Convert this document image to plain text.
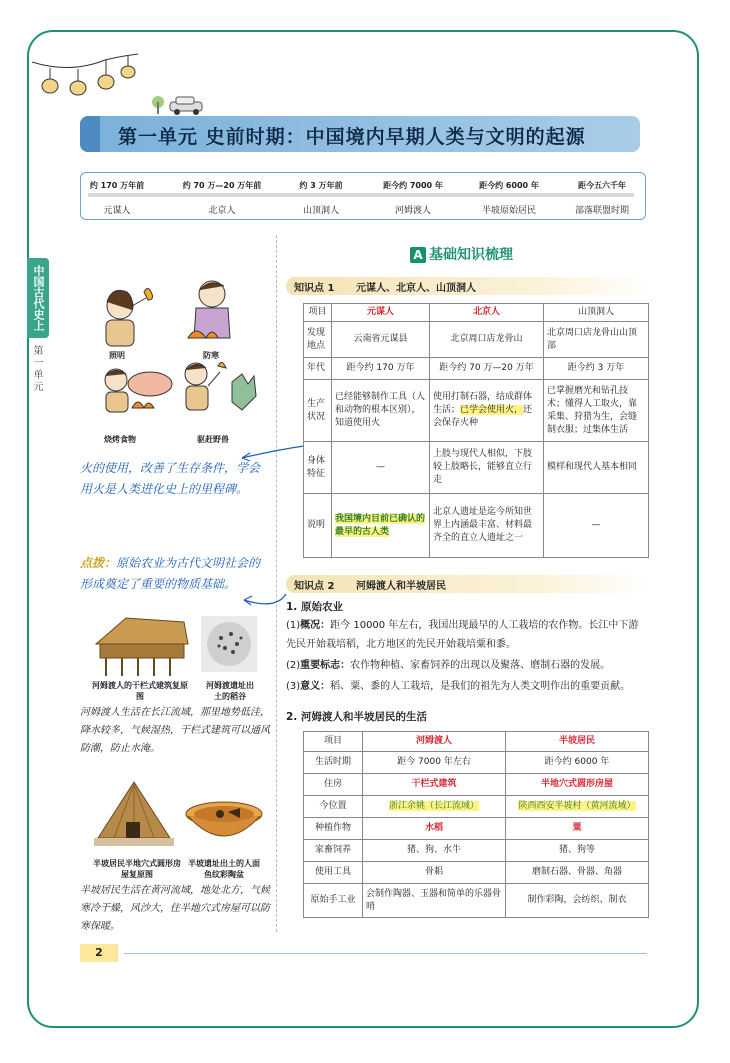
第一单元 史前时期：中国境内早期人类与文明的起源
约 170 万年前
元谋人
约 70 万—20 万年前
北京人
约 3 万年前
山顶洞人
距今约 7000 年
河姆渡人
距今约 6000 年
半坡原始居民
距今五六千年
部落联盟时期
中国古代史上
第一单元	照明	防寒
烧烤食物	驱赶野兽
火的使用，改善了生存条件，学会用火是人类进化史上的里程碑。
点拨：原始农业为古代文明社会的形成奠定了重要的物质基础。
河姆渡人的干栏式建筑复原图
河姆渡遗址出土的稻谷
河姆渡人生活在长江流域，那里地势低洼，降水较多，气候湿热，干栏式建筑可以通风防潮，防止水淹。
半坡居民半地穴式圆形房屋复原图
半坡遗址出土的人面鱼纹彩陶盆
半坡居民生活在黄河流域，地处北方，气候寒冷干燥，风沙大，住半地穴式房屋可以防寒保暖。
A 基础知识梳理
知识点 1 元谋人、北京人、山顶洞人
项目	元谋人	北京人	山顶洞人
发现地点	云南省元谋县	北京周口店龙骨山	北京周口店龙骨山山顶部
年代	距今约 170 万年	距今约 70 万—20 万年	距今约 3 万年
生产状况	已经能够制作工具（人和动物的根本区别），知道使用火	使用打制石器，结成群体生活；已学会使用火，还会保存火种	已掌握磨光和钻孔技术；懂得人工取火，靠采集、狩猎为生，会缝制衣服；过集体生活
身体特征	—	上肢与现代人相似，下肢较上肢略长，能够直立行走	模样和现代人基本相同
说明	我国境内目前已确认的最早的古人类	北京人遗址是迄今所知世界上内涵最丰富、材料最齐全的直立人遗址之一	—
知识点 2 河姆渡人和半坡居民
1. 原始农业
(1)概况：距今 10000 年左右，我国出现最早的人工栽培的农作物。长江中下游先民开始栽培稻，北方地区的先民开始栽培粟和黍。
(2)重要标志：农作物种植、家畜饲养的出现以及聚落、磨制石器的发展。
(3)意义：稻、粟、黍的人工栽培，是我们的祖先为人类文明作出的重要贡献。
2. 河姆渡人和半坡居民的生活
项目	河姆渡人	半坡居民
生活时期	距今 7000 年左右	距今约 6000 年
住房	干栏式建筑	半地穴式圆形房屋
今位置	浙江余姚（长江流域）	陕西西安半坡村（黄河流域）
种植作物	水稻	粟
家畜饲养	猪、狗、水牛	猪、狗等
使用工具	骨耜	磨制石器、骨器、角器
原始手工业	会制作陶器、玉器和简单的乐器骨哨	制作彩陶，会纺织、制衣
2
